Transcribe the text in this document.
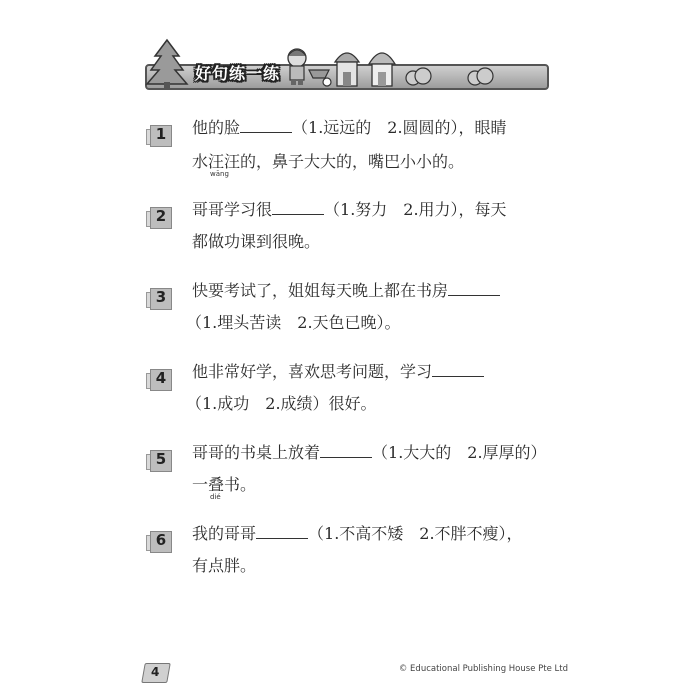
好句练一练
1 他的脸	（1.远远的　2.圆圆的），眼睛
水汪汪的，鼻子大大的，嘴巴小小的。
wāng
2 哥哥学习很	（1.努力　2.用力），每天
都做功课到很晚。
3 快要考试了，姐姐每天晚上都在书房
（1.埋头苦读　2.天色已晚）。
4 他非常好学，喜欢思考问题，学习
（1.成功　2.成绩）很好。
5 哥哥的书桌上放着	（1.大大的　2.厚厚的）
一叠书。
dié
6 我的哥哥	（1.不高不矮　2.不胖不瘦），
有点胖。
4	© Educational Publishing House Pte Ltd
